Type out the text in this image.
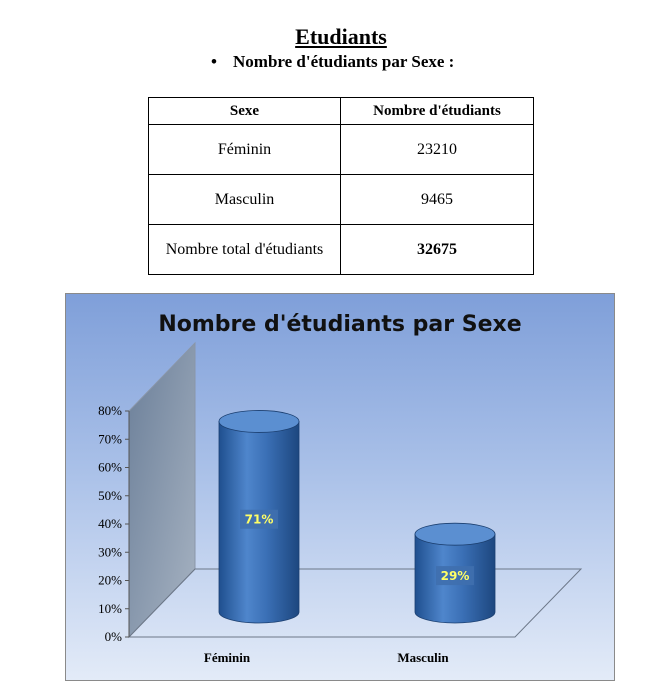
Etudiants
• Nombre d'étudiants par Sexe :
Sexe	Nombre d'étudiants
Féminin	23210
Masculin	9465
Nombre total d'étudiants	32675
Nombre d'étudiants par Sexe
0%
10%
20%
30%
40%
50%
60%
70%
80%
71%
Féminin
29%
Masculin
